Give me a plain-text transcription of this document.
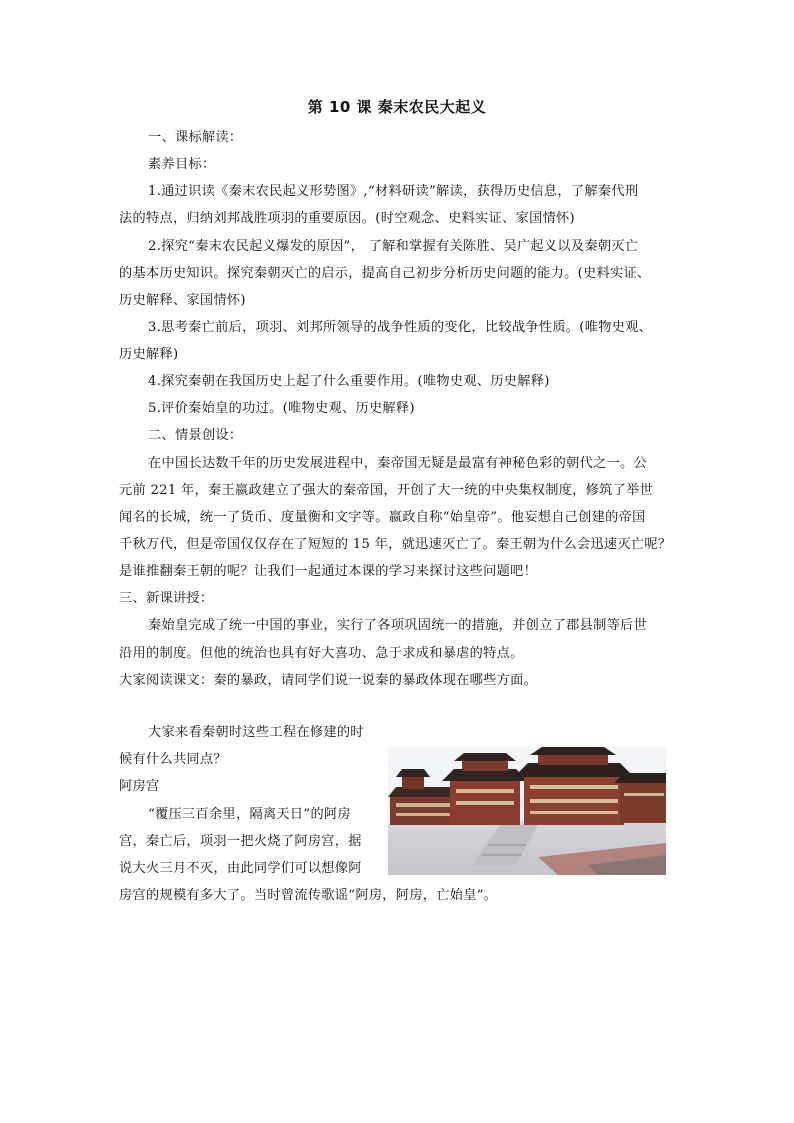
第 10 课 秦末农民大起义
一、课标解读：
素养目标：
1.通过识读《秦末农民起义形势图》,“材料研读”解读，获得历史信息，了解秦代刑
法的特点，归纳刘邦战胜项羽的重要原因。(时空观念、史料实证、家国情怀)
2.探究“秦末农民起义爆发的原因”， 了解和掌握有关陈胜、吴广起义以及秦朝灭亡
的基本历史知识。探究秦朝灭亡的启示，提高自己初步分析历史问题的能力。(史料实证、
历史解释、家国情怀)
3.思考秦亡前后，项羽、刘邦所领导的战争性质的变化，比较战争性质。(唯物史观、
历史解释)
4.探究秦朝在我国历史上起了什么重要作用。(唯物史观、历史解释)
5.评价秦始皇的功过。(唯物史观、历史解释)
二、情景创设：
在中国长达数千年的历史发展进程中，秦帝国无疑是最富有神秘色彩的朝代之一。公
元前 221 年，秦王嬴政建立了强大的秦帝国，开创了大一统的中央集权制度，修筑了举世
闻名的长城，统一了货币、度量衡和文字等。嬴政自称“始皇帝”。他妄想自己创建的帝国
千秋万代，但是帝国仅仅存在了短短的 15 年，就迅速灭亡了。秦王朝为什么会迅速灭亡呢？
是谁推翻秦王朝的呢？让我们一起通过本课的学习来探讨这些问题吧！
三、新课讲授：
秦始皇完成了统一中国的事业，实行了各项巩固统一的措施，并创立了郡县制等后世
沿用的制度。但他的统治也具有好大喜功、急于求成和暴虐的特点。
大家阅读课文：秦的暴政，请同学们说一说秦的暴政体现在哪些方面。
大家来看秦朝时这些工程在修建的时
候有什么共同点？
阿房宫
“覆压三百余里，隔离天日”的阿房
宫，秦亡后，项羽一把火烧了阿房宫，据
说大火三月不灭，由此同学们可以想像阿
房宫的规模有多大了。当时曾流传歌谣“阿房，阿房，亡始皇”。
